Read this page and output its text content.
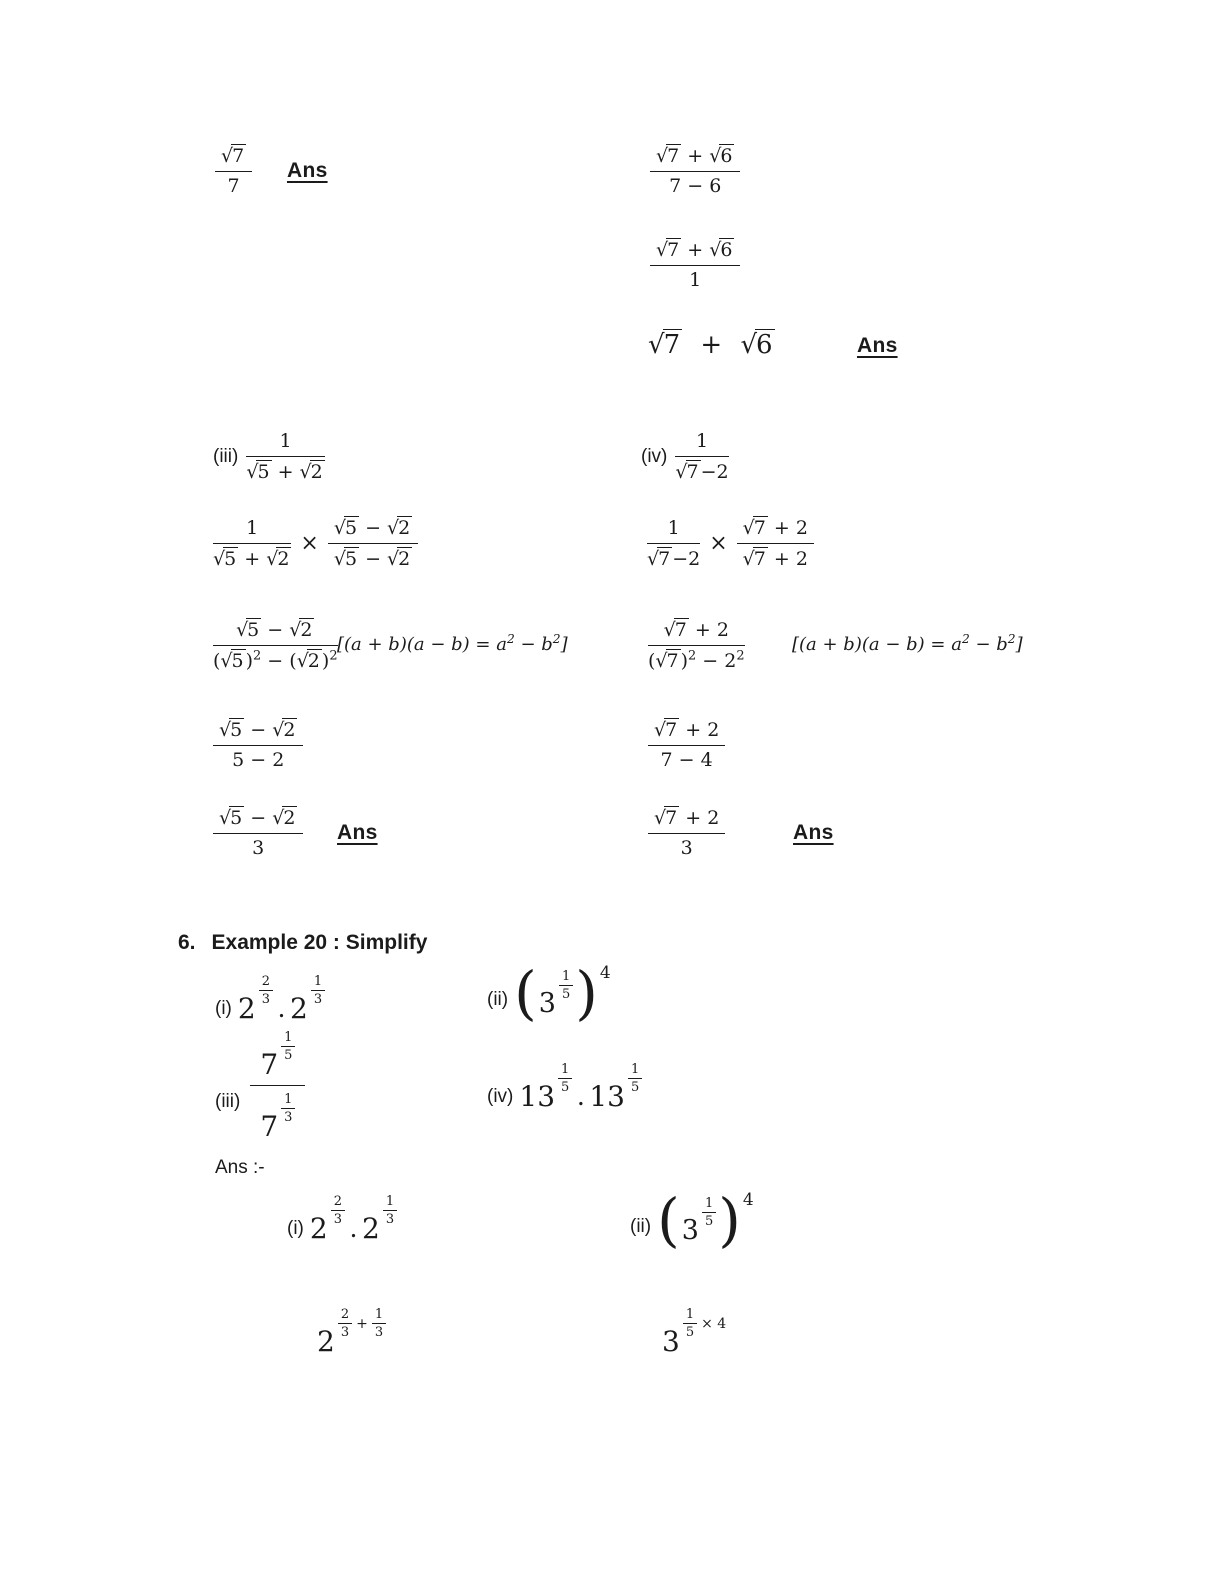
$\frac{√7}{7}$ Ans	$\frac{√7 + √6}{7 - 6}$
$\frac{√7 + √6}{1}$
√7 + √6	Ans
$(iii) \frac{1}{√5 + √2}$	$(iv) \frac{1}{√7 -2}$
$\frac{1}{√5 + √2} \times \frac{√5 - √2}{√5 - √2}$	$\frac{1}{√7 -2} \times \frac{√7 + 2}{√7 + 2}$
$\frac{√5 - √2}{(√5 )^2 - (√2 )^2} [(a + b)(a - b) = a^2 - b^2]$	$\frac{√7 + 2}{(√7 )^2 - 2^2}$	$[(a + b)(a - b) = a^2 - b^2]$
$\frac{√5 - √2}{5 - 2}$	$\frac{√7 + 2}{7 - 4}$
$\frac{√5 - √2}{3}$ Ans	$\frac{√7 + 2}{3}$	Ans
6. Example 20 : Simplify
(i) 2
$\frac{2}{3}$
. 2
$\frac{1}{3}$	(ii) ( 3
$\frac{1}{5}$ ) 4
(iii) 7
$\frac{1}{5}$
7
$\frac{1}{3}$	(iv) 13
$\frac{1}{5}$
. 13
$\frac{1}{5}$
Ans :-
(i) 2
$\frac{2}{3}$
. 2
$\frac{1}{3}$
(ii) ( 3
$\frac{1}{5}$ ) 4
2
$\frac{2}{3} + \frac{1}{3}$
3
$\frac{1}{5} \times 4$
